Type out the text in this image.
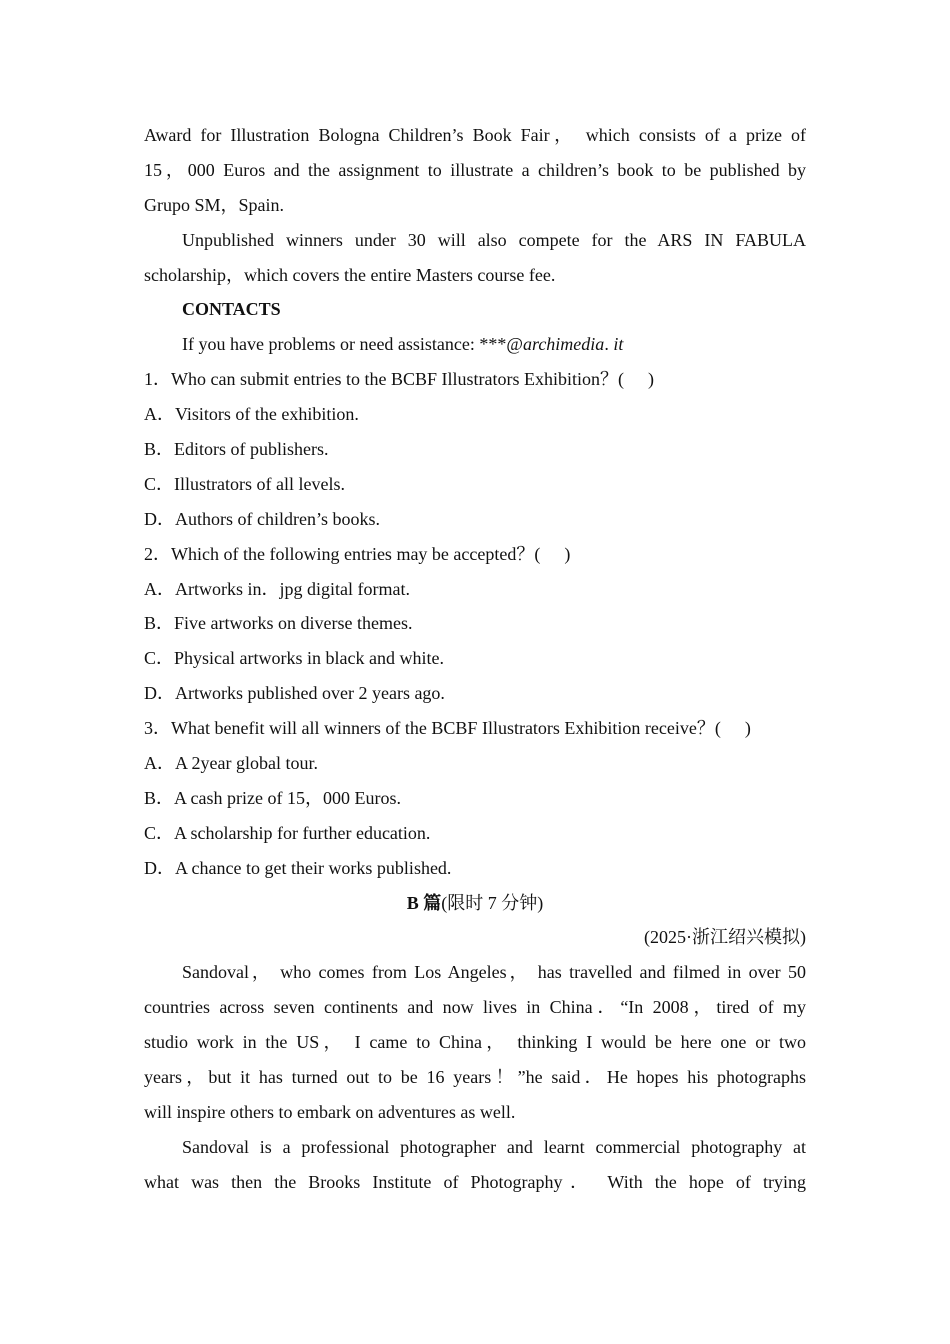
Award for Illustration Bologna Children’s Book Fair， which consists of a prize of
15，000 Euros and the assignment to illustrate a children’s book to be published by
Grupo SM，Spain.
Unpublished winners under 30 will also compete for the ARS IN FABULA
scholarship，which covers the entire Masters course fee.
CONTACTS
If you have problems or need assistance: ***@archimedia. it
1．Who can submit entries to the BCBF Illustrators Exhibition？( )
A．Visitors of the exhibition.
B．Editors of publishers.
C．Illustrators of all levels.
D．Authors of children’s books.
2．Which of the following entries may be accepted？( )
A．Artworks in．jpg digital format.
B．Five artworks on diverse themes.
C．Physical artworks in black and white.
D．Artworks published over 2 years ago.
3．What benefit will all winners of the BCBF Illustrators Exhibition receive？( )
A．A 2year global tour.
B．A cash prize of 15，000 Euros.
C．A scholarship for further education.
D．A chance to get their works published.
B 篇(限时 7 分钟)
(2025·浙江绍兴模拟)
Sandoval， who comes from Los Angeles， has travelled and filmed in over 50
countries across seven continents and now lives in China．“In 2008，tired of my
studio work in the US， I came to China， thinking I would be here one or two
years，but it has turned out to be 16 years！”he said．He hopes his photographs
will inspire others to embark on adventures as well.
Sandoval is a professional photographer and learnt commercial photography at
what was then the Brooks Institute of Photography． With the hope of trying
